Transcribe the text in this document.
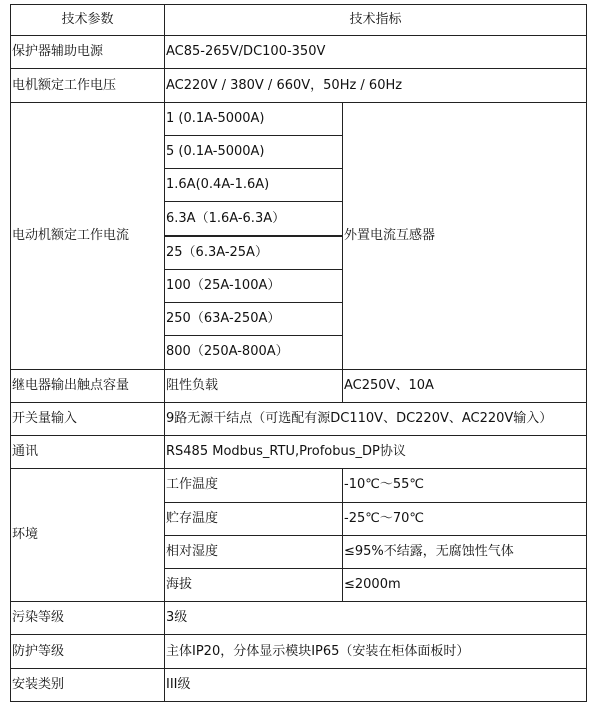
技术参数	技术指标	
保护器辅助电源	AC85-265V/DC100-350V	
电机额定工作电压	AC220V / 380V / 660V，50Hz / 60Hz	
电动机额定工作电流	1 (0.1A-5000A)	外置电流互感器
	5 (0.1A-5000A)	
	1.6A(0.4A-1.6A)	
	6.3A（1.6A-6.3A）	
	25（6.3A-25A）	
	100（25A-100A）	
	250（63A-250A）	
	800（250A-800A）	
继电器输出触点容量	阻性负载	AC250V、10A
开关量输入	9路无源干结点（可选配有源DC110V、DC220V、AC220V输入）	
通讯	RS485 Modbus_RTU,Profobus_DP协议	
环境	工作温度	-10℃～55℃
	贮存温度	-25℃～70℃
	相对湿度	≤95%不结露，无腐蚀性气体
	海拔	≤2000m
污染等级	3级	
防护等级	主体IP20，分体显示模块IP65（安装在柜体面板时）	
安装类别	III级	
